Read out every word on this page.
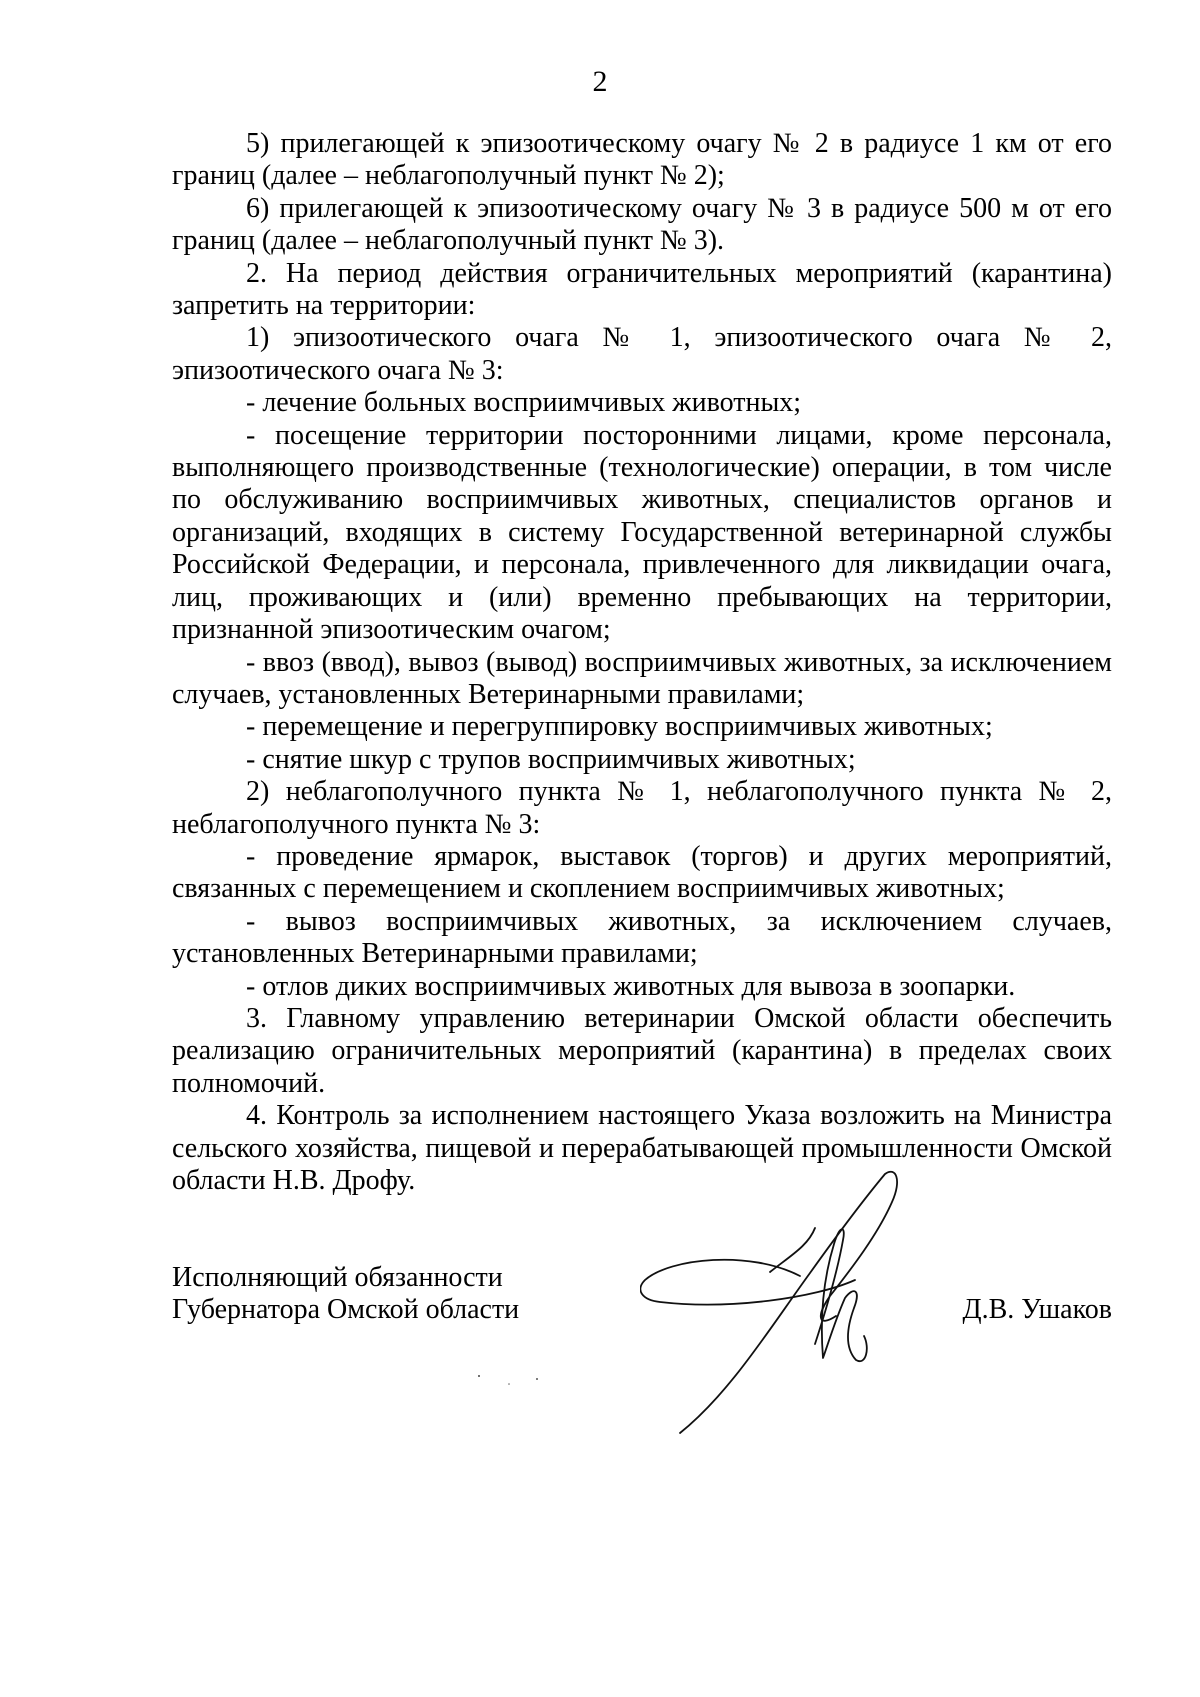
2

5) прилегающей к эпизоотическому очагу № 2 в радиусе 1 км от его границ (далее – неблагополучный пункт № 2);

6) прилегающей к эпизоотическому очагу № 3 в радиусе 500 м от его границ (далее – неблагополучный пункт № 3).

2. На период действия ограничительных мероприятий (карантина) запретить на территории:

1) эпизоотического очага № 1, эпизоотического очага № 2, эпизоотического очага № 3:

- лечение больных восприимчивых животных;

- посещение территории посторонними лицами, кроме персонала, выполняющего производственные (технологические) операции, в том числе по обслуживанию восприимчивых животных, специалистов органов и организаций, входящих в систему Государственной ветеринарной службы Российской Федерации, и персонала, привлеченного для ликвидации очага, лиц, проживающих и (или) временно пребывающих на территории, признанной эпизоотическим очагом;

- ввоз (ввод), вывоз (вывод) восприимчивых животных, за исключением случаев, установленных Ветеринарными правилами;

- перемещение и перегруппировку восприимчивых животных;

- снятие шкур с трупов восприимчивых животных;

2) неблагополучного пункта № 1, неблагополучного пункта № 2, неблагополучного пункта № 3:

- проведение ярмарок, выставок (торгов) и других мероприятий, связанных с перемещением и скоплением восприимчивых животных;

- вывоз восприимчивых животных, за исключением случаев, установленных Ветеринарными правилами;

- отлов диких восприимчивых животных для вывоза в зоопарки.

3. Главному управлению ветеринарии Омской области обеспечить реализацию ограничительных мероприятий (карантина) в пределах своих полномочий.

4. Контроль за исполнением настоящего Указа возложить на Министра сельского хозяйства, пищевой и перерабатывающей промышленности Омской области Н.В. Дрофу.

Исполняющий обязанности
Губернатора Омской области	Д.В. Ушаков
